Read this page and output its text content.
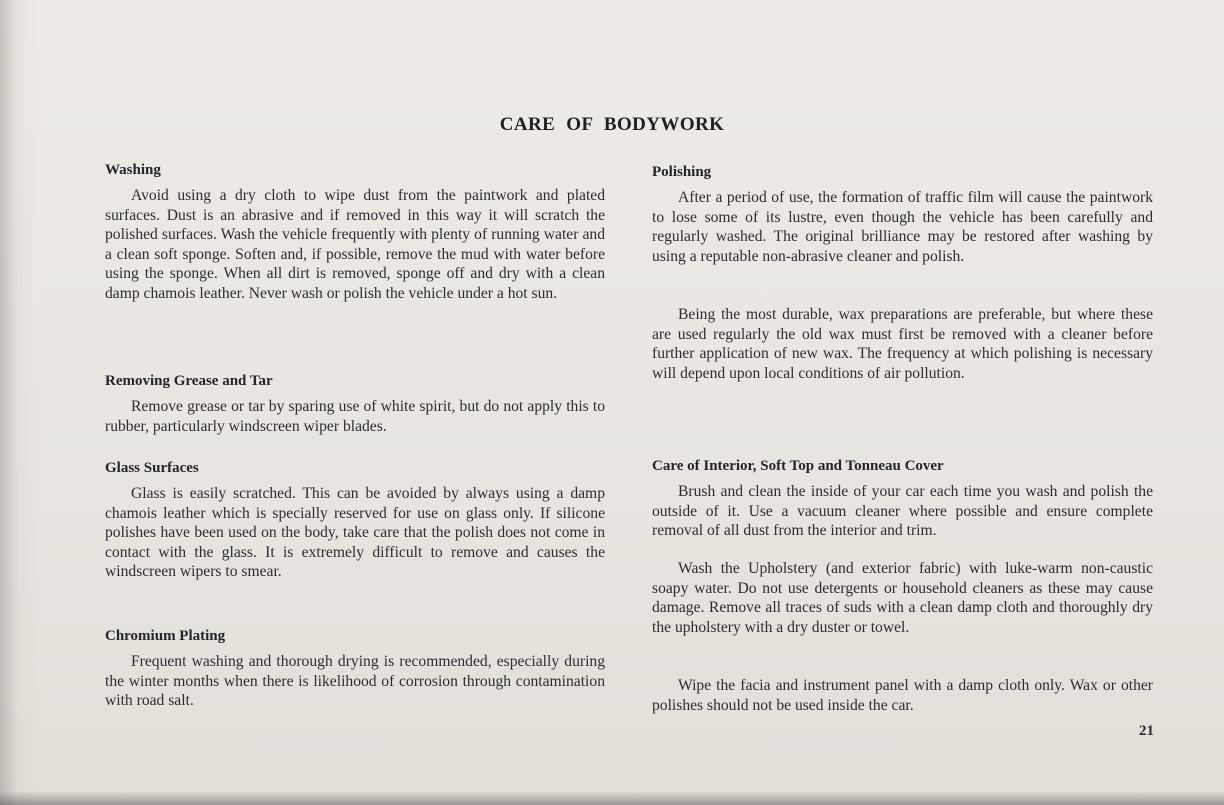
CARE OF BODYWORK
Washing

Avoid using a dry cloth to wipe dust from the paintwork and plated surfaces. Dust is an abrasive and if removed in this way it will scratch the polished surfaces. Wash the vehicle frequently with plenty of running water and a clean soft sponge. Soften and, if possible, remove the mud with water before using the sponge. When all dirt is removed, sponge off and dry with a clean damp chamois leather. Never wash or polish the vehicle under a hot sun.

Removing Grease and Tar

Remove grease or tar by sparing use of white spirit, but do not apply this to rubber, particularly windscreen wiper blades.

Glass Surfaces

Glass is easily scratched. This can be avoided by always using a damp chamois leather which is specially reserved for use on glass only. If silicone polishes have been used on the body, take care that the polish does not come in contact with the glass. It is extremely difficult to remove and causes the windscreen wipers to smear.

Chromium Plating

Frequent washing and thorough drying is recommended, especially during the winter months when there is likelihood of corrosion through contamination with road salt.

Polishing

After a period of use, the formation of traffic film will cause the paintwork to lose some of its lustre, even though the vehicle has been carefully and regularly washed. The original brilliance may be restored after washing by using a reputable non-abrasive cleaner and polish.

Being the most durable, wax preparations are preferable, but where these are used regularly the old wax must first be removed with a cleaner before further application of new wax. The frequency at which polishing is necessary will depend upon local conditions of air pollution.

Care of Interior, Soft Top and Tonneau Cover

Brush and clean the inside of your car each time you wash and polish the outside of it. Use a vacuum cleaner where possible and ensure complete removal of all dust from the interior and trim.

Wash the Upholstery (and exterior fabric) with luke-warm non-caustic soapy water. Do not use detergents or household cleaners as these may cause damage. Remove all traces of suds with a clean damp cloth and thoroughly dry the upholstery with a dry duster or towel.

Wipe the facia and instrument panel with a damp cloth only. Wax or other polishes should not be used inside the car.

21
